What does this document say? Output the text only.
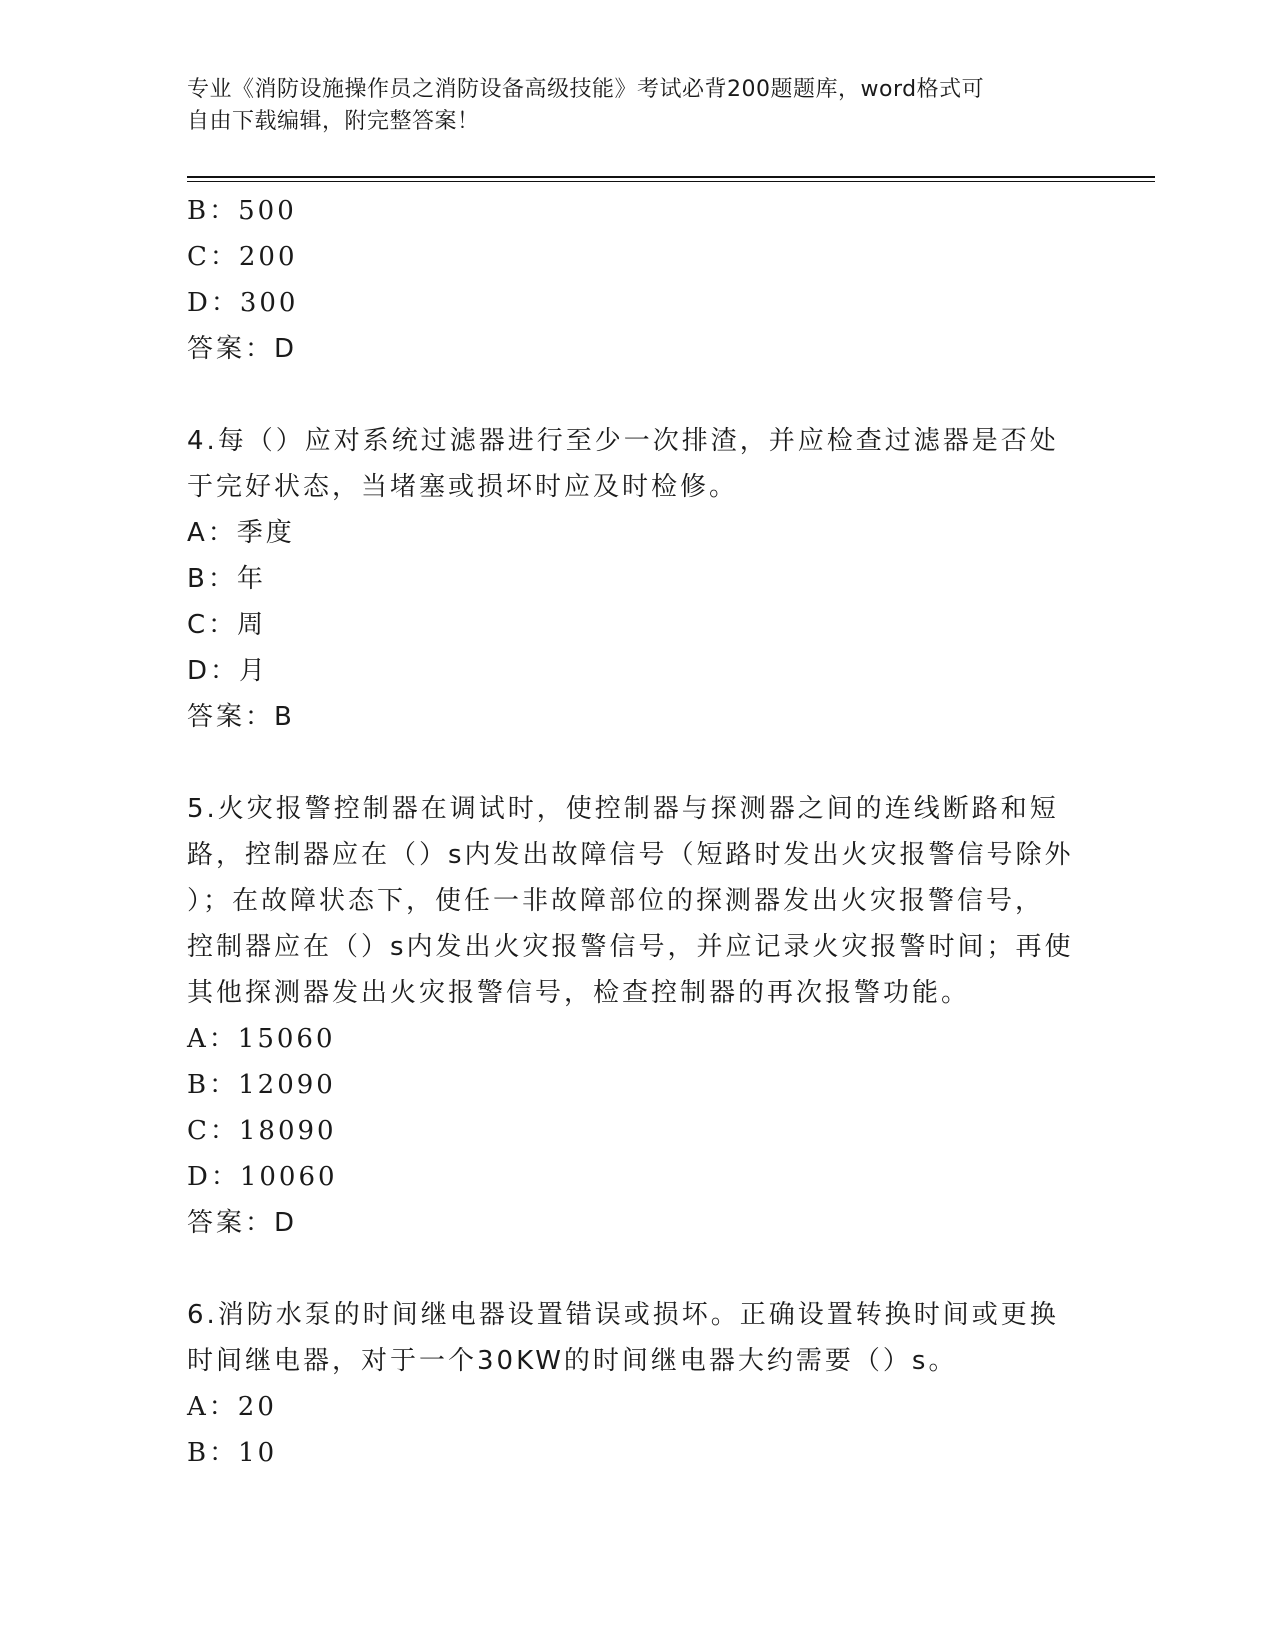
专业《消防设施操作员之消防设备高级技能》考试必背200题题库，word格式可
自由下载编辑，附完整答案！
B：500
C：200
D：300
答案：D
4.每（）应对系统过滤器进行至少一次排渣，并应检查过滤器是否处
于完好状态，当堵塞或损坏时应及时检修。
A：季度
B：年
C：周
D：月
答案：B
5.火灾报警控制器在调试时，使控制器与探测器之间的连线断路和短
路，控制器应在（）s内发出故障信号（短路时发出火灾报警信号除外
）；在故障状态下，使任一非故障部位的探测器发出火灾报警信号，
控制器应在（）s内发出火灾报警信号，并应记录火灾报警时间；再使
其他探测器发出火灾报警信号，检查控制器的再次报警功能。
A：15060
B：12090
C：18090
D：10060
答案：D
6.消防水泵的时间继电器设置错误或损坏。正确设置转换时间或更换
时间继电器，对于一个30KW的时间继电器大约需要（）s。
A：20
B：10
